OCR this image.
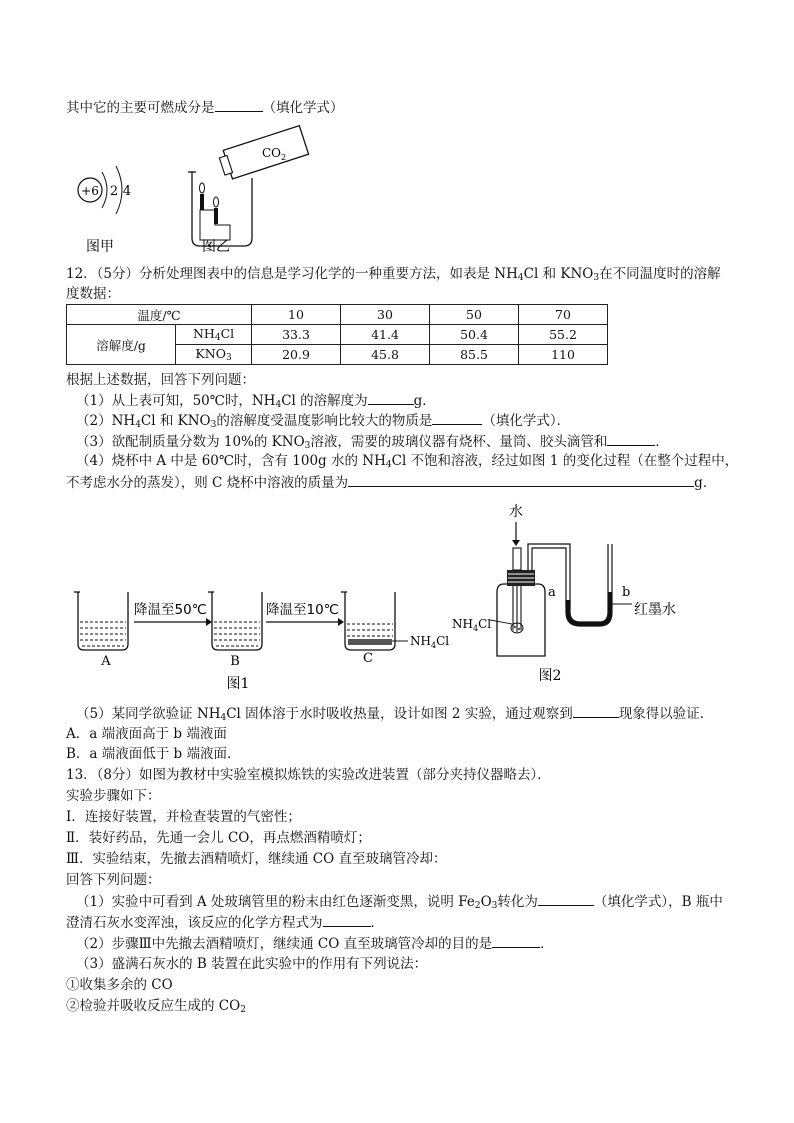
其中它的主要可燃成分是	（填化学式）
+6 2 4
图甲
$CO_2$
图乙
12．（5分）分析处理图表中的信息是学习化学的一种重要方法，如表是 $NH_4Cl$ 和 $KNO_3$在不同温度时的溶解
度数据：
温度/℃		10	30	50	70
溶解度/g	$NH_4Cl$	33.3	41.4	50.4	55.2
	$KNO_3$	20.9	45.8	85.5	110
根据上述数据，回答下列问题：
（1）从上表可知，50℃时，$NH_4Cl$ 的溶解度为	g．
$(2)NH_4Cl$ 和 $KNO_3$的溶解度受温度影响比较大的物质是	（填化学式）．
（3）欲配制质量分数为 10%的 $KNO_3$溶液，需要的玻璃仪器有烧杯、量筒、胶头滴管和	．
（4）烧杯中 A 中是 60℃时，含有 100g 水的 $NH_4Cl$ 不饱和溶液，经过如图 1 的变化过程（在整个过程中，
不考虑水分的蒸发），则 C 烧杯中溶液的质量为	g．
A
降温至50℃
B
降温至10℃
$NH_4Cl$
C
图1
水
a	b
红墨水
$NH_4Cl$
图2
（5）某同学欲验证 $NH_4Cl$ 固体溶于水时吸收热量，设计如图 2 实验，通过观察到	现象得以验证．
A．a 端液面高于 b 端液面
B．a 端液面低于 b 端液面．
13．（8分）如图为教材中实验室模拟炼铁的实验改进装置（部分夹持仪器略去）．
实验步骤如下：
Ⅰ．连接好装置，并检查装置的气密性；
Ⅱ．装好药品，先通一会儿 CO，再点燃酒精喷灯；
Ⅲ．实验结束，先撤去酒精喷灯，继续通 CO 直至玻璃管冷却：
回答下列问题：
（1）实验中可看到 A 处玻璃管里的粉末由红色逐渐变黑，说明 $Fe_2O_3$转化为	（填化学式），B 瓶中
澄清石灰水变浑浊，该反应的化学方程式为	．
（2）步骤Ⅲ中先撤去酒精喷灯，继续通 CO 直至玻璃管冷却的目的是	．
（3）盛满石灰水的 B 装置在此实验中的作用有下列说法：
①收集多余的 CO
②检验并吸收反应生成的 $CO_2$
